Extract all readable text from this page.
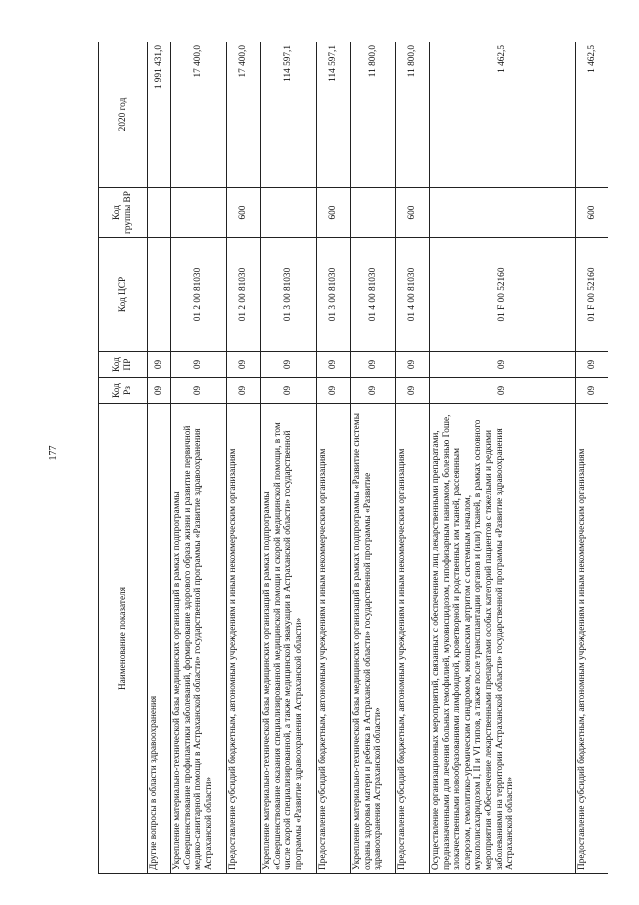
177
Наименование показателя	Код Рз	Код ПР	Код ЦСР	Код группы ВР	2020 год
Другие вопросы в области здравоохранения	09	09			1 991 431,0
Укрепление материально-технической базы медицинских организаций в рамках подпрограммы «Совершенствование профилактики заболеваний, формирование здорового образа жизни и развитие первичной медико-санитарной помощи в Астраханской области» государственной программы «Развитие здравоохранения Астраханской области»	09	09	01 2 00 81030		17 400,0
Предоставление субсидий бюджетным, автономным учреждениям и иным некоммерческим организациям	09	09	01 2 00 81030	600	17 400,0
Укрепление материально-технической базы медицинских организаций в рамках подпрограммы «Совершенствование оказания специализированной медицинской помощи и скорой медицинской помощи, в том числе скорой специализированной, а также медицинской эвакуации в Астраханской области» государственной программы «Развитие здравоохранения Астраханской области»	09	09	01 3 00 81030		114 597,1
Предоставление субсидий бюджетным, автономным учреждениям и иным некоммерческим организациям	09	09	01 3 00 81030	600	114 597,1
Укрепление материально-технической базы медицинских организаций в рамках подпрограммы «Развитие системы охраны здоровья матери и ребенка в Астраханской области» государственной программы «Развитие здравоохранения Астраханской области»	09	09	01 4 00 81030		11 800,0
Предоставление субсидий бюджетным, автономным учреждениям и иным некоммерческим организациям	09	09	01 4 00 81030	600	11 800,0
Осуществление организационных мероприятий, связанных с обеспечением лиц лекарственными препаратами, предназначенными для лечения больных гемофилией, муковисцидозом, гипофизарным нанизмом, болезнью Гоше, злокачественными новообразованиями лимфоидной, кроветворной и родственных им тканей, рассеянным склерозом, гемолитико-уремическим синдромом, юношеским артритом с системным началом, мукополисахаридозом I, II и VI типов, а также после трансплантации органов и (или) тканей, в рамках основного мероприятия «Обеспечение лекарственными препаратами особых категорий пациентов с тяжелыми и редкими заболеваниями на территории Астраханской области» государственной программы «Развитие здравоохранения Астраханской области»	09	09	01 F 00 52160		1 462,5
Предоставление субсидий бюджетным, автономным учреждениям и иным некоммерческим организациям	09	09	01 F 00 52160	600	1 462,5
